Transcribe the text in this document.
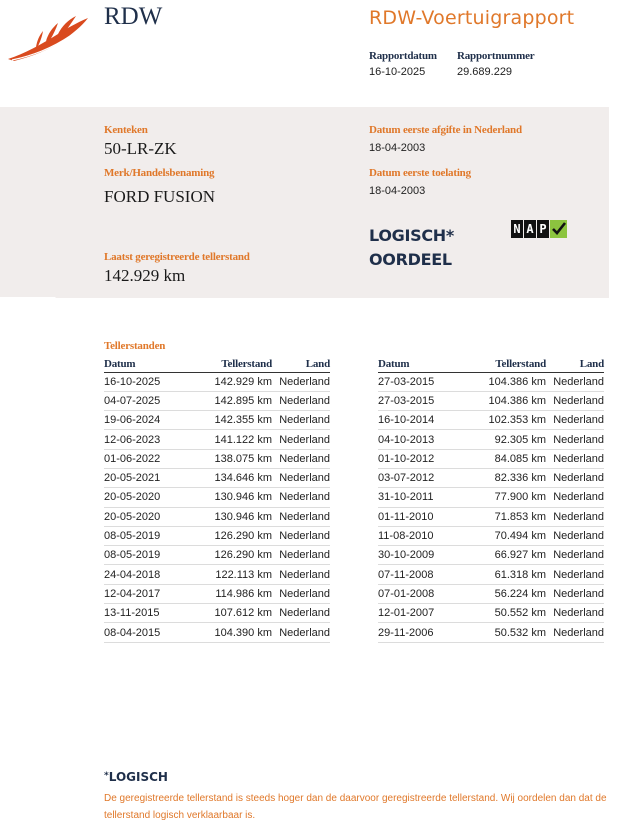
RDW	RDW-Voertuigrapport
Rapportdatum
16-10-2025
Rapportnummer
29.689.229
Kenteken
50-LR-ZK
Merk/Handelsbenaming
FORD FUSION
Laatst geregistreerde tellerstand
142.929 km
Datum eerste afgifte in Nederland
18-04-2003
Datum eerste toelating
18-04-2003
LOGISCH*
OORDEEL
N A P
Tellerstanden
Datum	Tellerstand	Land
16-10-2025	142.929 km	Nederland
04-07-2025	142.895 km	Nederland
19-06-2024	142.355 km	Nederland
12-06-2023	141.122 km	Nederland
01-06-2022	138.075 km	Nederland
20-05-2021	134.646 km	Nederland
20-05-2020	130.946 km	Nederland
20-05-2020	130.946 km	Nederland
08-05-2019	126.290 km	Nederland
08-05-2019	126.290 km	Nederland
24-04-2018	122.113 km	Nederland
12-04-2017	114.986 km	Nederland
13-11-2015	107.612 km	Nederland
08-04-2015	104.390 km	Nederland
Datum	Tellerstand	Land
27-03-2015	104.386 km	Nederland
27-03-2015	104.386 km	Nederland
16-10-2014	102.353 km	Nederland
04-10-2013	92.305 km	Nederland
01-10-2012	84.085 km	Nederland
03-07-2012	82.336 km	Nederland
31-10-2011	77.900 km	Nederland
01-11-2010	71.853 km	Nederland
11-08-2010	70.494 km	Nederland
30-10-2009	66.927 km	Nederland
07-11-2008	61.318 km	Nederland
07-01-2008	56.224 km	Nederland
12-01-2007	50.552 km	Nederland
29-11-2006	50.532 km	Nederland
*LOGISCH
De geregistreerde tellerstand is steeds hoger dan de daarvoor geregistreerde tellerstand. Wij oordelen dan dat de tellerstand logisch verklaarbaar is.
